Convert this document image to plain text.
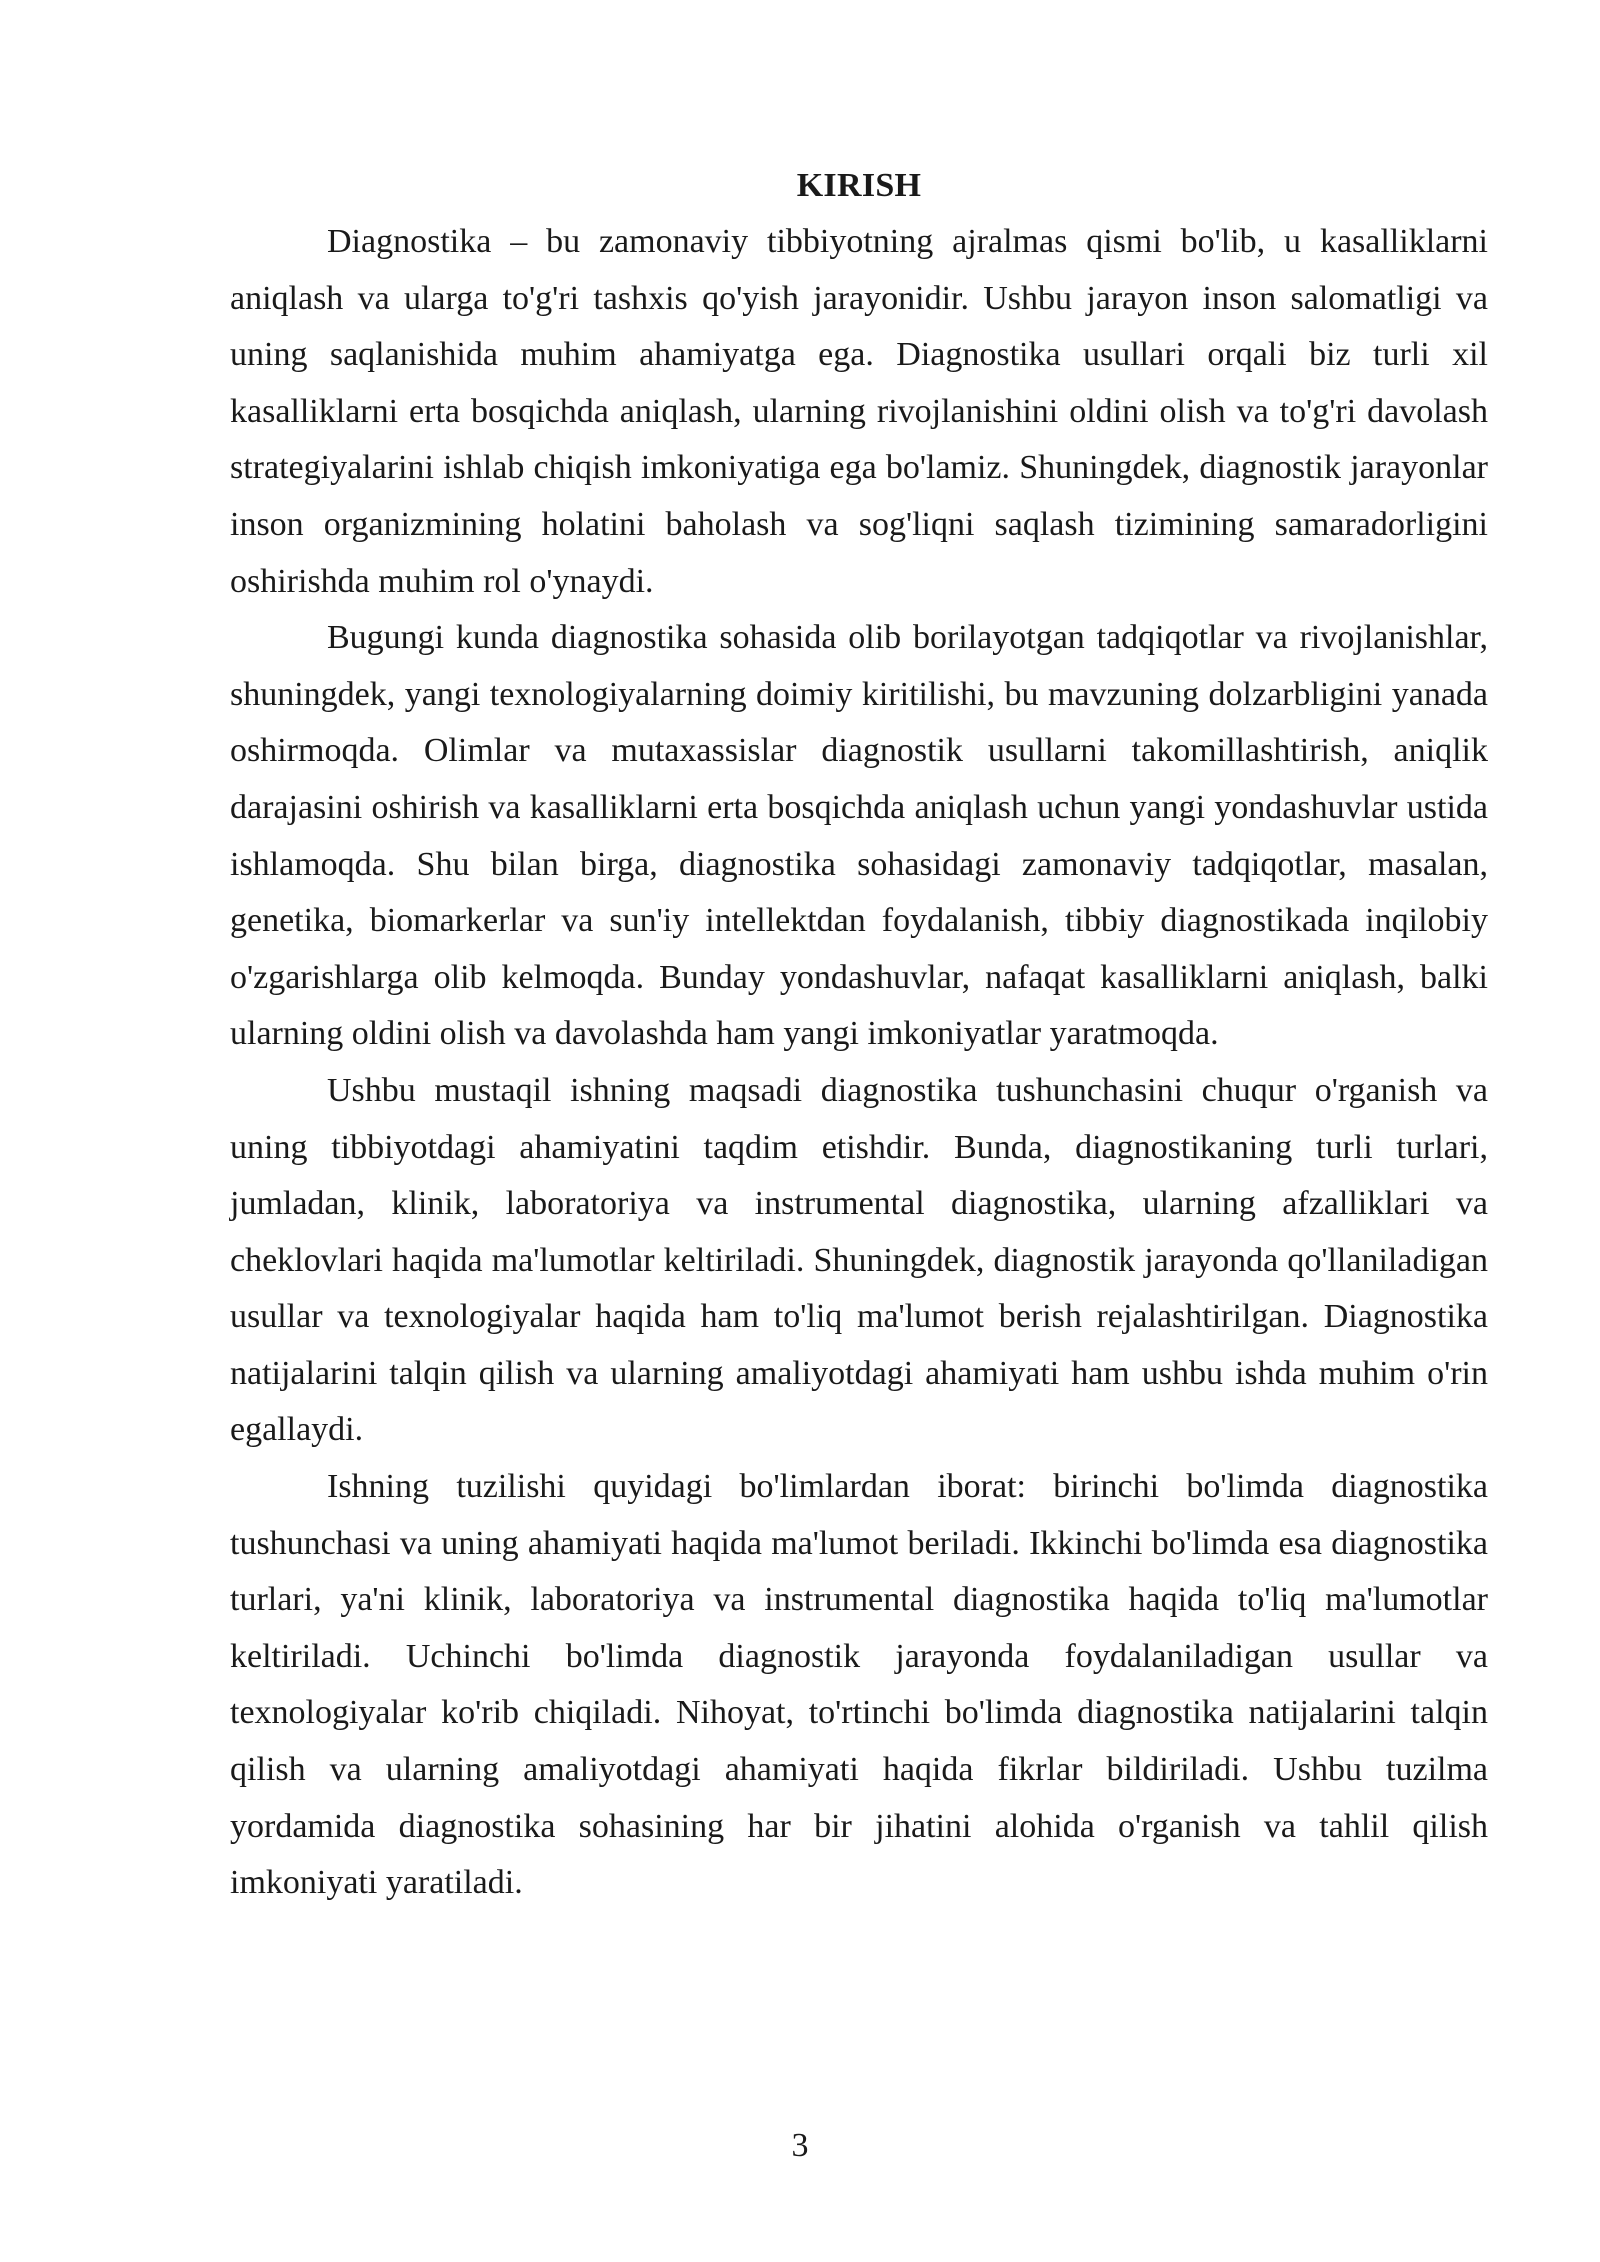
KIRISH

Diagnostika – bu zamonaviy tibbiyotning ajralmas qismi bo'lib, u kasalliklarni aniqlash va ularga to'g'ri tashxis qo'yish jarayonidir. Ushbu jarayon inson salomatligi va uning saqlanishida muhim ahamiyatga ega. Diagnostika usullari orqali biz turli xil kasalliklarni erta bosqichda aniqlash, ularning rivojlanishini oldini olish va to'g'ri davolash strategiyalarini ishlab chiqish imkoniyatiga ega bo'lamiz. Shuningdek, diagnostik jarayonlar inson organizmining holatini baholash va sog'liqni saqlash tizimining samaradorligini oshirishda muhim rol o'ynaydi.

Bugungi kunda diagnostika sohasida olib borilayotgan tadqiqotlar va rivojlanishlar, shuningdek, yangi texnologiyalarning doimiy kiritilishi, bu mavzuning dolzarbligini yanada oshirmoqda. Olimlar va mutaxassislar diagnostik usullarni takomillashtirish, aniqlik darajasini oshirish va kasalliklarni erta bosqichda aniqlash uchun yangi yondashuvlar ustida ishlamoqda. Shu bilan birga, diagnostika sohasidagi zamonaviy tadqiqotlar, masalan, genetika, biomarkerlar va sun'iy intellektdan foydalanish, tibbiy diagnostikada inqilobiy o'zgarishlarga olib kelmoqda. Bunday yondashuvlar, nafaqat kasalliklarni aniqlash, balki ularning oldini olish va davolashda ham yangi imkoniyatlar yaratmoqda.

Ushbu mustaqil ishning maqsadi diagnostika tushunchasini chuqur o'rganish va uning tibbiyotdagi ahamiyatini taqdim etishdir. Bunda, diagnostikaning turli turlari, jumladan, klinik, laboratoriya va instrumental diagnostika, ularning afzalliklari va cheklovlari haqida ma'lumotlar keltiriladi. Shuningdek, diagnostik jarayonda qo'llaniladigan usullar va texnologiyalar haqida ham to'liq ma'lumot berish rejalashtirilgan. Diagnostika natijalarini talqin qilish va ularning amaliyotdagi ahamiyati ham ushbu ishda muhim o'rin egallaydi.

Ishning tuzilishi quyidagi bo'limlardan iborat: birinchi bo'limda diagnostika tushunchasi va uning ahamiyati haqida ma'lumot beriladi. Ikkinchi bo'limda esa diagnostika turlari, ya'ni klinik, laboratoriya va instrumental diagnostika haqida to'liq ma'lumotlar keltiriladi. Uchinchi bo'limda diagnostik jarayonda foydalaniladigan usullar va texnologiyalar ko'rib chiqiladi. Nihoyat, to'rtinchi bo'limda diagnostika natijalarini talqin qilish va ularning amaliyotdagi ahamiyati haqida fikrlar bildiriladi. Ushbu tuzilma yordamida diagnostika sohasining har bir jihatini alohida o'rganish va tahlil qilish imkoniyati yaratiladi.

3
